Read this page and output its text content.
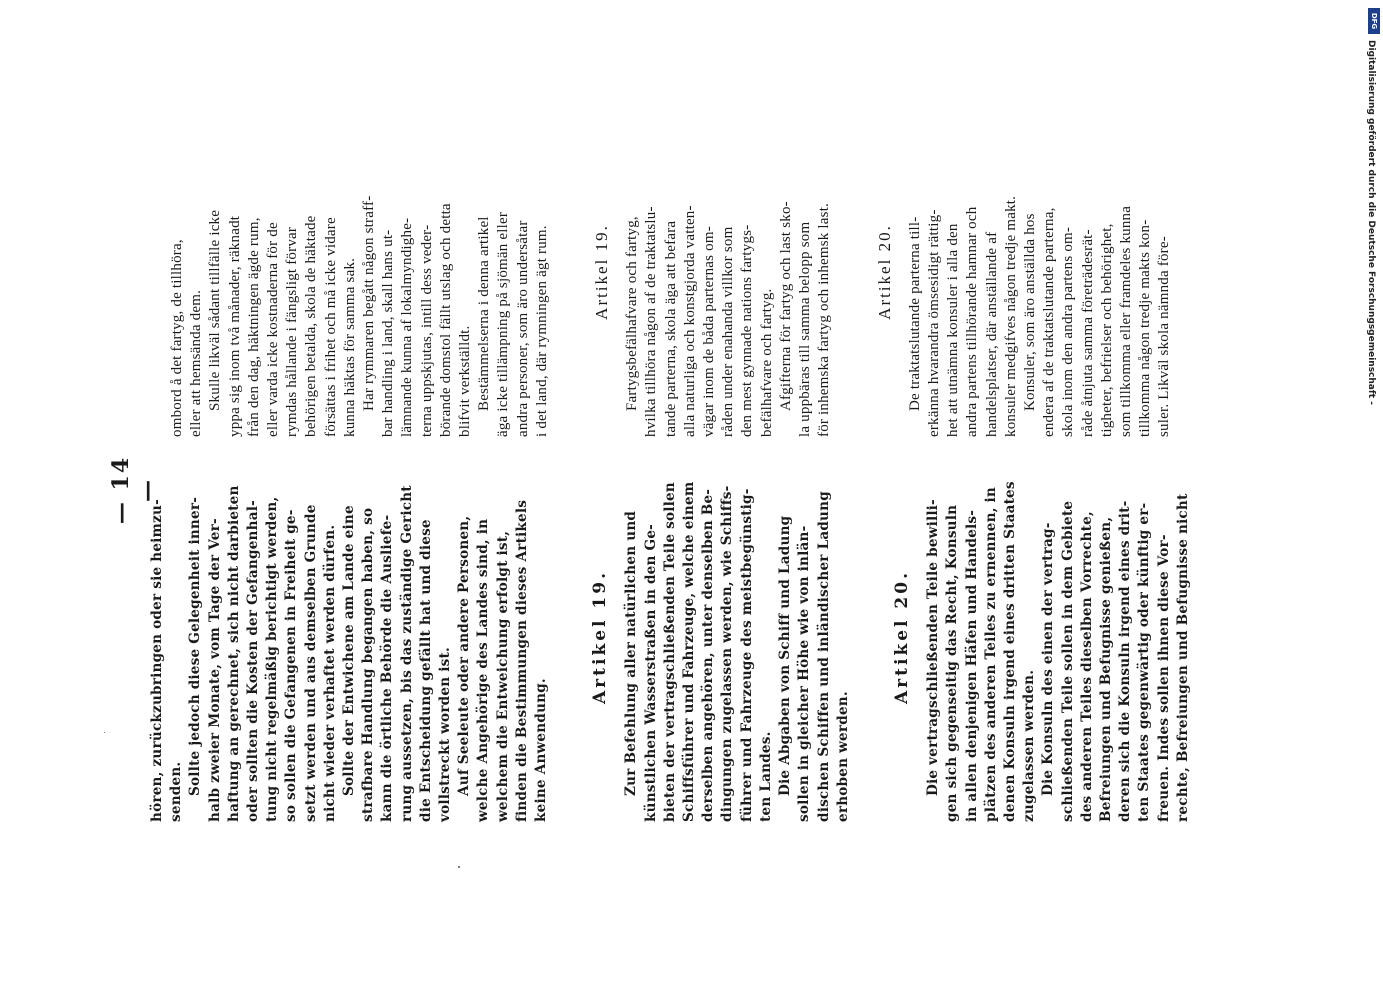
— 14 —
hören, zurückzubringen oder sie heimzu- senden. Sollte jedoch diese Gelegenheit inner- halb zweier Monate, vom Tage der Ver- haftung an gerechnet, sich nicht darbieten oder sollten die Kosten der Gefangenhal- tung nicht regelmäßig berichtigt werden, so sollen die Gefangenen in Freiheit ge- setzt werden und aus demselben Grunde nicht wieder verhaftet werden dürfen. Sollte der Entwichene am Lande eine strafbare Handlung begangen haben, so kann die örtliche Behörde die Ausliefe- rung aussetzen, bis das zuständige Gericht die Entscheidung gefällt hat und diese vollstreckt worden ist. Auf Seeleute oder andere Personen, welche Angehörige des Landes sind, in welchem die Entweichung erfolgt ist, finden die Bestimmungen dieses Artikels keine Anwendung.
Artikel 19. Zur Befehlung aller natürlichen und künstlichen Wasserstraßen in den Ge- bieten der vertragschließenden Teile sollen Schiffsführer und Fahrzeuge, welche einem derselben angehören, unter denselben Be- dingungen zugelassen werden, wie Schiffs- führer und Fahrzeuge des meistbegünstig- ten Landes. Die Abgaben von Schiff und Ladung sollen in gleicher Höhe wie von inlän- dischen Schiffen und inländischer Ladung erhoben werden.
Artikel 20. Die vertragschließenden Teile bewilli- gen sich gegenseitig das Recht, Konsuln in allen denjenigen Häfen und Handels- plätzen des anderen Teiles zu ernennen, in denen Konsuln irgend eines dritten Staates zugelassen werden. Die Konsuln des einen der vertrag- schließenden Teile sollen in dem Gebiete des anderen Teiles dieselben Vorrechte, Befreiungen und Befugnisse genießen, deren sich die Konsuln irgend eines drit- ten Staates gegenwärtig oder künftig er- freuen. Indes sollen ihnen diese Vor- rechte, Befreiungen und Befugnisse nicht
ombord å det fartyg, de tillhöra, eller att hemsända dem. Skulle likväl sådant tillfälle icke yppa sig inom två månader, räknadt från den dag, häktningen ägde rum, eller varda icke kostnaderna för de rymdas hållande i fängsligt förvar behörigen betalda, skola de häktade försättas i frihet och må icke vidare kunna häktas för samma sak. Har rymmaren begått någon straff- bar handling i land, skall hans ut- lämnande kunna af lokalmyndighe- terna uppskjutas, intill dess veder- börande domstol fällt utslag och detta blifvit verkställdt. Bestämmelserna i denna artikel äga icke tillämpning på sjömän eller andra personer, som äro undersåtar i det land, där rymningen ägt rum. Artikel 19. Fartygsbefälhafvare och fartyg, hvilka tillhöra någon af de traktatslu- tande parterna, skola äga att befara alla naturliga och konstgjorda vatten- vägar inom de båda parternas om- råden under enahanda villkor som den mest gynnade nations fartygs- befälhafvare och fartyg. Afgifterna för fartyg och last sko- la uppbäras till samma belopp som för inhemska fartyg och inhemsk last. Artikel 20. De traktatslutande parterna till- erkänna hvarandra ömsesidigt rättig- het att utnämna konsuler i alla den andra partens tillhörande hamnar och handelsplatser, där anställande af konsuler medgifves någon tredje makt. Konsuler, som äro anställda hos endera af de traktatslutande parterna, skola inom den andra partens om- råde åtnjuta samma företrädesrät- tigheter, befrielser och behörighet, som tillkomma eller framdeles kunna tillkomma någon tredje makts kon- suler. Likväl skola nämnda före-
DFG
Digitalisierung gefördert durch die Deutsche Forschungsgemeinschaft -
